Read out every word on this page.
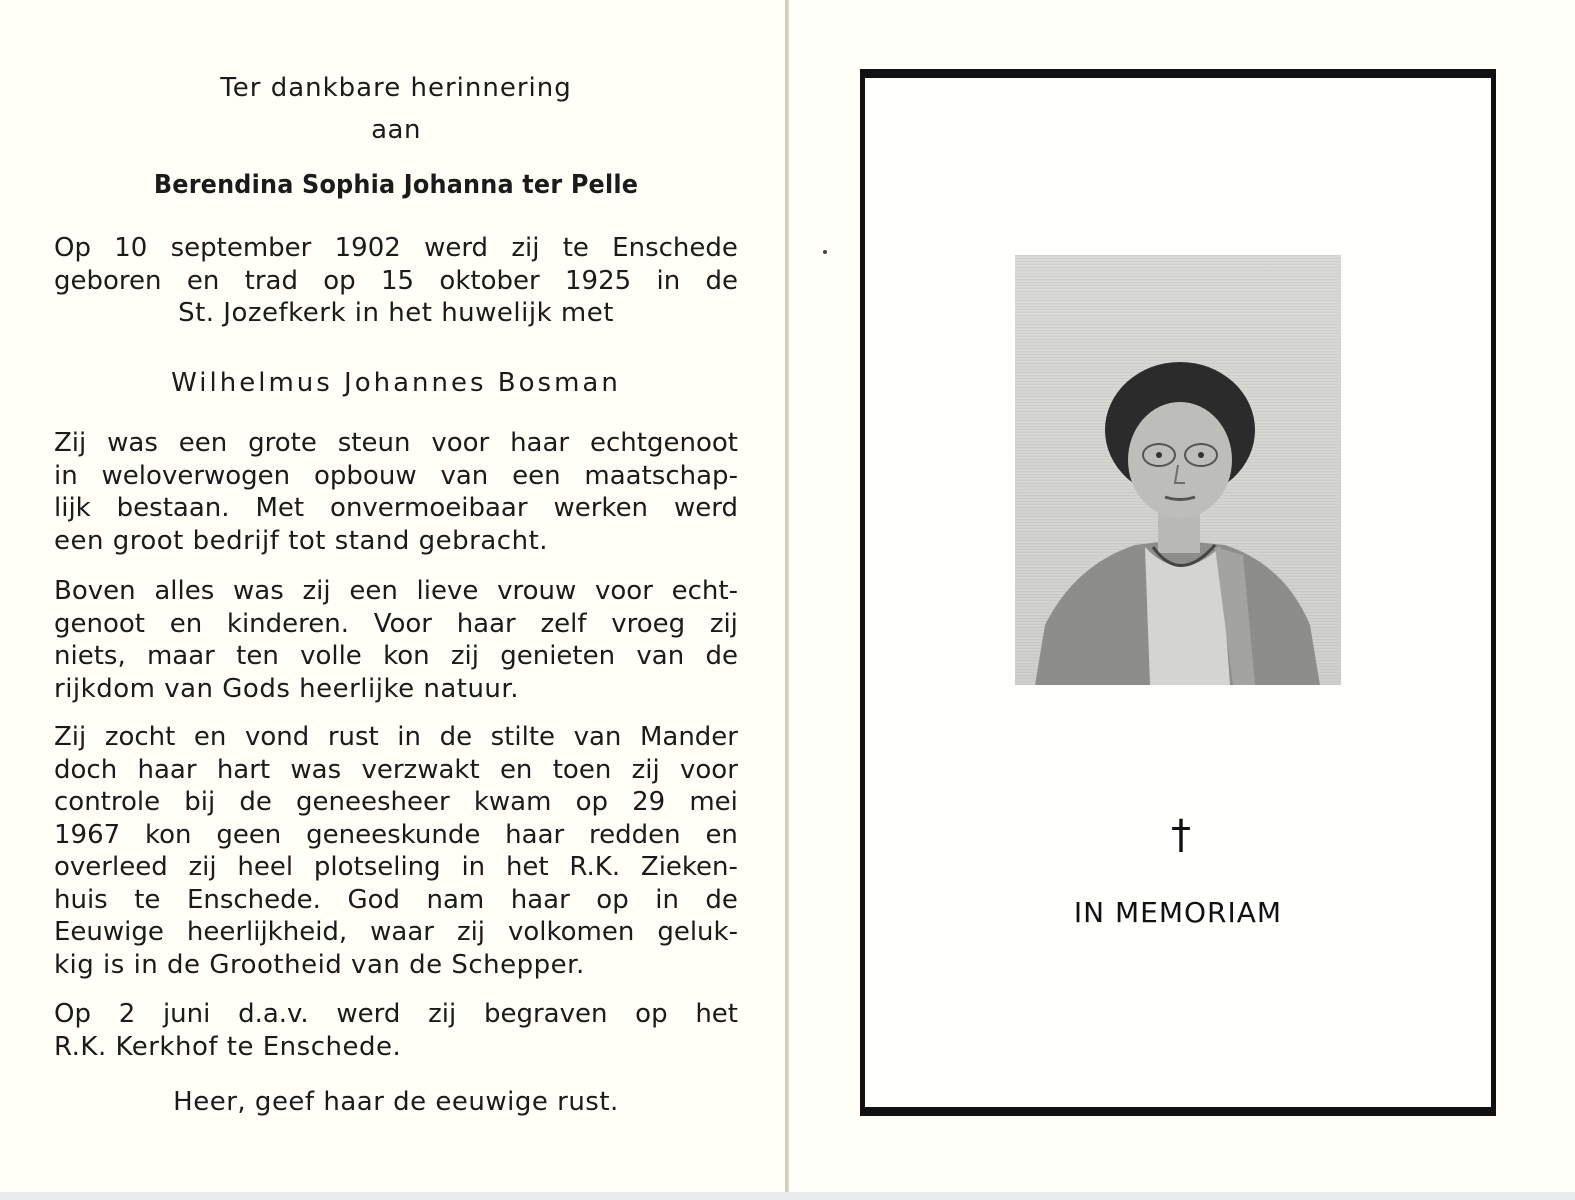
Ter dankbare herinnering
aan
Berendina Sophia Johanna ter Pelle
Op 10 september 1902 werd zij te Enschede
geboren en trad op 15 oktober 1925 in de
St. Jozefkerk in het huwelijk met
Wilhelmus Johannes Bosman
Zij was een grote steun voor haar echtgenoot
in weloverwogen opbouw van een maatschap-
lijk bestaan. Met onvermoeibaar werken werd
een groot bedrijf tot stand gebracht.
Boven alles was zij een lieve vrouw voor echt-
genoot en kinderen. Voor haar zelf vroeg zij
niets, maar ten volle kon zij genieten van de
rijkdom van Gods heerlijke natuur.
Zij zocht en vond rust in de stilte van Mander
doch haar hart was verzwakt en toen zij voor
controle bij de geneesheer kwam op 29 mei
1967 kon geen geneeskunde haar redden en
overleed zij heel plotseling in het R.K. Zieken-
huis te Enschede. God nam haar op in de
Eeuwige heerlijkheid, waar zij volkomen geluk-
kig is in de Grootheid van de Schepper.
Op 2 juni d.a.v. werd zij begraven op het
R.K. Kerkhof te Enschede.
Heer, geef haar de eeuwige rust.
†
IN MEMORIAM
